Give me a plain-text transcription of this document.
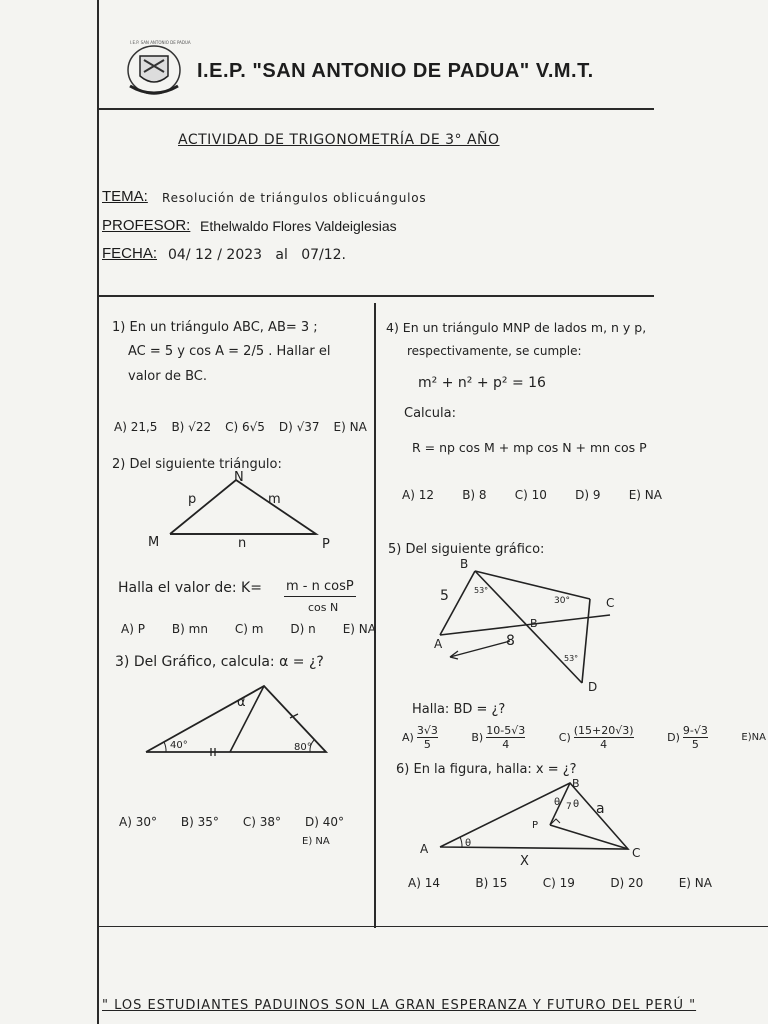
I.E.P. SAN ANTONIO DE PADUA
I.E.P. "SAN ANTONIO DE PADUA" V.M.T.
ACTIVIDAD DE TRIGONOMETRÍA DE 3° AÑO
TEMA: Resolución de triángulos oblicuángulos
PROFESOR: Ethelwaldo Flores Valdeiglesias
FECHA: 04/ 12 / 2023   al   07/12.
1) En un triángulo ABC, AB= 3 ;
AC = 5 y cos A = 2/5 . Hallar el
valor de BC.
A) 21,5 B) √22 C) 6√5 D) √37 E) NA
2) Del siguiente triángulo:
N
M	P
p	m
n
Halla el valor de: K= m - n cosP
cos N
A) P B) mn C) m D) n E) NA
3) Del Gráfico, calcula: α = ¿?
α
40°	80°
A) 30° B) 35° C) 38° D) 40°
E) NA
4) En un triángulo MNP de lados m, n y p,
respectivamente, se cumple:
m² + n² + p² = 16
Calcula:
R = np cos M + mp cos N + mn cos P
A) 12 B) 8 C) 10 D) 9 E) NA
5) Del siguiente gráfico:
B
C
A
D
5
8
B
53°
30°
53°
Halla: BD = ¿?
A)
3√3
5
B)
10-5√3
4
C)
(15+20√3)
4
D)
9-√3
5
E)NA
6) En la figura, halla: x = ¿?
A
B
C
P
a
X
θ
θ θ
7
A) 14	B) 15	C) 19	D) 20	E) NA
" LOS ESTUDIANTES PADUINOS SON LA GRAN ESPERANZA Y FUTURO DEL PERÚ "
